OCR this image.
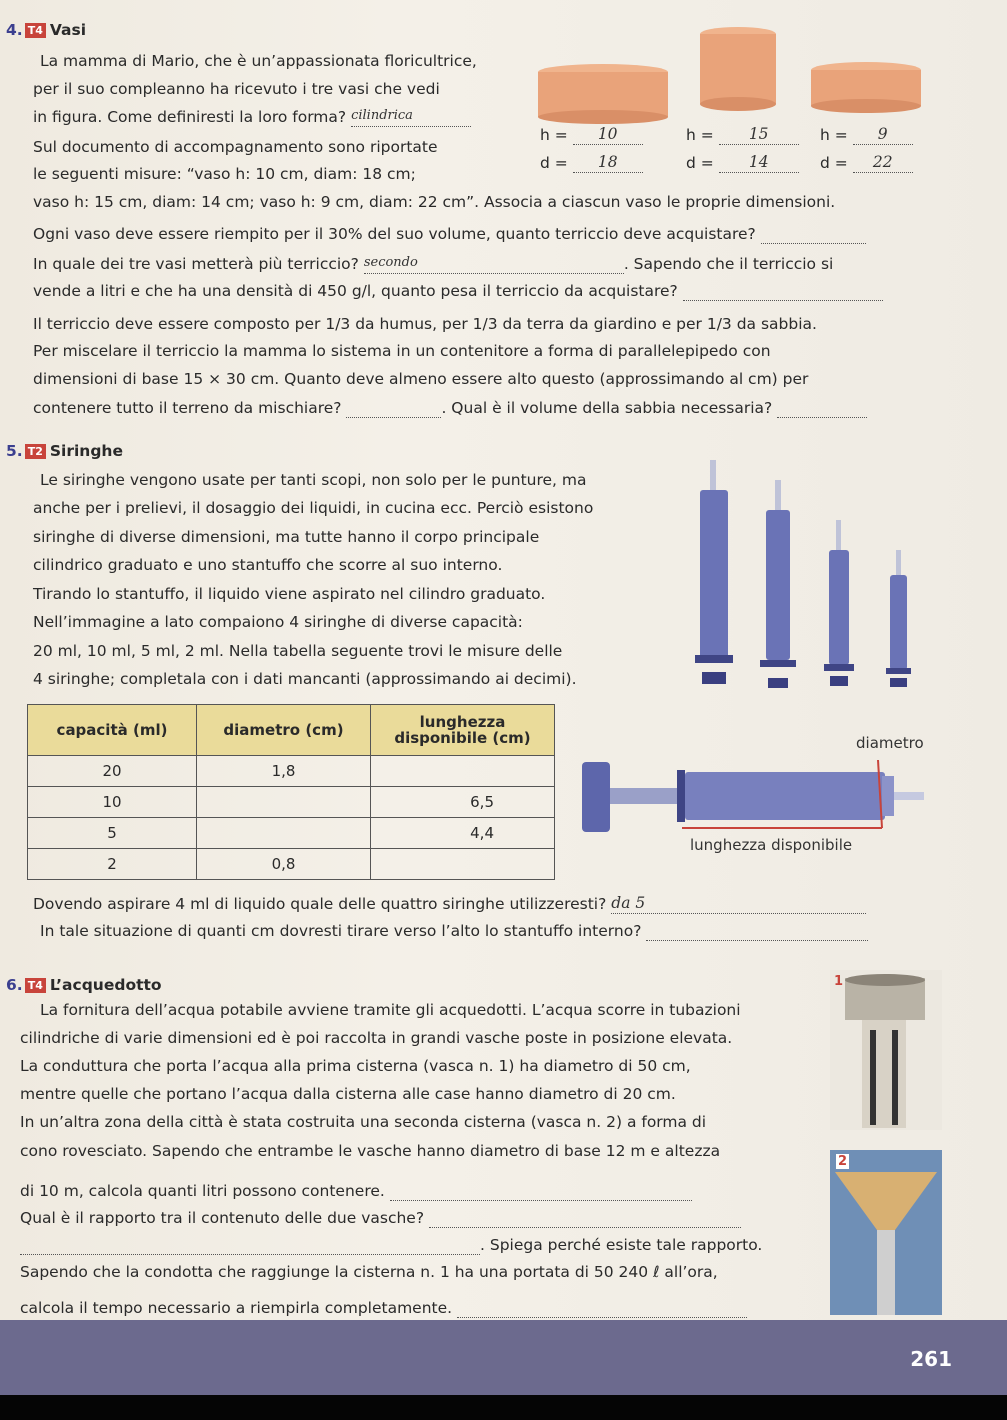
4. T4 Vasi
La mamma di Mario, che è un’appassionata floricultrice,
per il suo compleanno ha ricevuto i tre vasi che vedi
in figura. Come definiresti la loro forma? cilindrica
Sul documento di accompagnamento sono riportate
le seguenti misure: “vaso h: 10 cm, diam: 18 cm;
vaso h: 15 cm, diam: 14 cm; vaso h: 9 cm, diam: 22 cm”. Associa a ciascun vaso le proprie dimensioni.
Ogni vaso deve essere riempito per il 30% del suo volume, quanto terriccio deve acquistare?
In quale dei tre vasi metterà più terriccio? secondo	. Sapendo che il terriccio si
vende a litri e che ha una densità di 450 g/l, quanto pesa il terriccio da acquistare?
Il terriccio deve essere composto per 1/3 da humus, per 1/3 da terra da giardino e per 1/3 da sabbia.
Per miscelare il terriccio la mamma lo sistema in un contenitore a forma di parallelepipedo con
dimensioni di base 15 × 30 cm. Quanto deve almeno essere alto questo (approssimando al cm) per
contenere tutto il terreno da mischiare?	. Qual è il volume della sabbia necessaria?
h = 10
d = 18
h = 15
d = 14
h = 9
d = 22
5. T2 Siringhe
Le siringhe vengono usate per tanti scopi, non solo per le punture, ma
anche per i prelievi, il dosaggio dei liquidi, in cucina ecc. Perciò esistono
siringhe di diverse dimensioni, ma tutte hanno il corpo principale
cilindrico graduato e uno stantuffo che scorre al suo interno.
Tirando lo stantuffo, il liquido viene aspirato nel cilindro graduato.
Nell’immagine a lato compaiono 4 siringhe di diverse capacità:
20 ml, 10 ml, 5 ml, 2 ml. Nella tabella seguente trovi le misure delle
4 siringhe; completala con i dati mancanti (approssimando ai decimi).
capacità (ml)	diametro (cm)	lunghezza disponibile (cm)
20	1,8	
10		6,5
5		4,4
2	0,8	
diametro
lunghezza disponibile
Dovendo aspirare 4 ml di liquido quale delle quattro siringhe utilizzeresti? da 5
In tale situazione di quanti cm dovresti tirare verso l’alto lo stantuffo interno?
6. T4 L’acquedotto
La fornitura dell’acqua potabile avviene tramite gli acquedotti. L’acqua scorre in tubazioni
cilindriche di varie dimensioni ed è poi raccolta in grandi vasche poste in posizione elevata.
La conduttura che porta l’acqua alla prima cisterna (vasca n. 1) ha diametro di 50 cm,
mentre quelle che portano l’acqua dalla cisterna alle case hanno diametro di 20 cm.
In un’altra zona della città è stata costruita una seconda cisterna (vasca n. 2) a forma di
cono rovesciato. Sapendo che entrambe le vasche hanno diametro di base 12 m e altezza
di 10 m, calcola quanti litri possono contenere.
Qual è il rapporto tra il contenuto delle due vasche?
. Spiega perché esiste tale rapporto.
Sapendo che la condotta che raggiunge la cisterna n. 1 ha una portata di 50 240 ℓ all’ora,
calcola il tempo necessario a riempirla completamente.
1
2
261
